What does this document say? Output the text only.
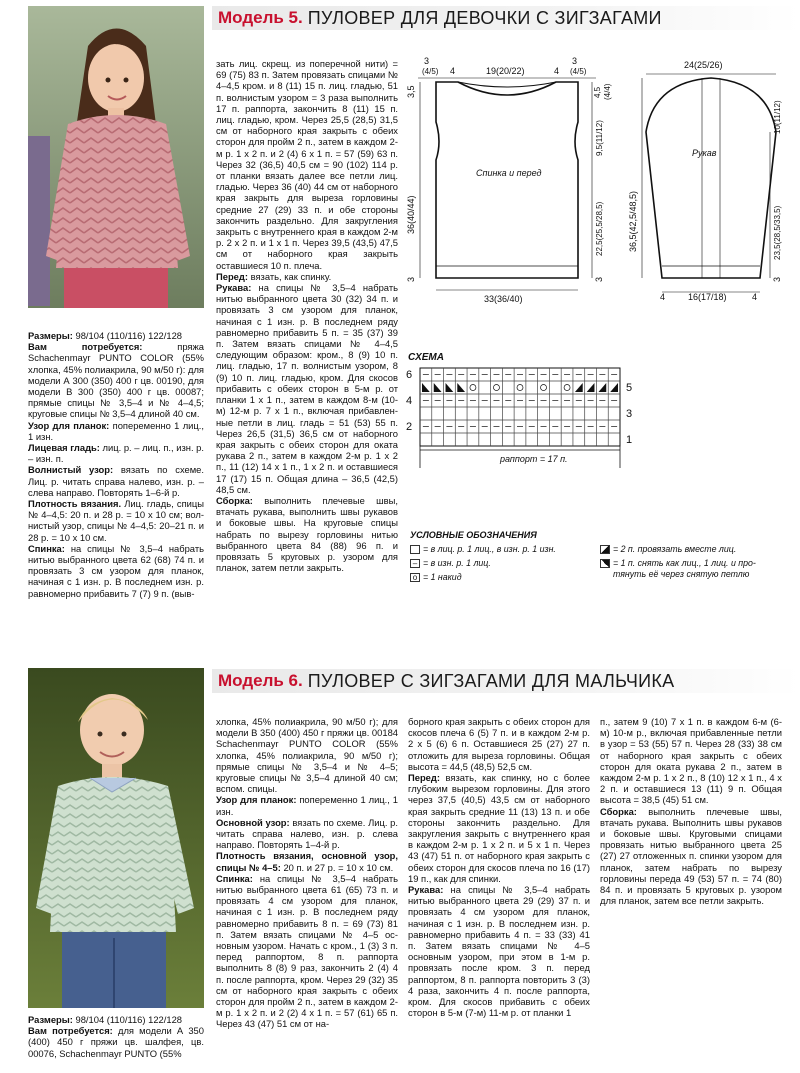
Модель 5. ПУЛОВЕР ДЛЯ ДЕВОЧКИ С ЗИГЗАГАМИ

Размеры: 98/104 (110/116) 122/128

Вам потребуется: пряжа Schachenmayr PUNTO COLOR (55% хлопка, 45% полиакрила, 90 м/50 г): для модели А 300 (350) 400 г цв. 00190, для модели В 300 (350) 400 г цв. 00087; прямые спицы № 3,5–4 и № 4–4,5; круговые спицы № 3,5–4 длиной 40 см.

Узор для планок: попеременно 1 лиц., 1 изн.

Лицевая гладь: лиц. р. – лиц. п., изн. р. – изн. п.

Волнистый узор: вязать по схеме. Лиц. р. читать справа налево, изн. р. – слева направо. Повторять 1–6-й р.

Плотность вязания. Лиц. гладь, спицы № 4–4,5: 20 п. и 28 р. = 10 х 10 см; волнистый узор, спицы № 4–4,5: 20–21 п. и 28 р. = 10 х 10 см.

Спинка: на спицы № 3,5–4 набрать нитью выбранного цвета 62 (68) 74 п. и провязать 3 см узором для планок, начиная с 1 изн. р. В последнем изн. р. равномерно прибавить 7 (7) 9 п. (выв-

зать лиц. скрещ. из поперечной нити) = 69 (75) 83 п. Затем провязать спицами № 4–4,5 кром. и 8 (11) 15 п. лиц. гладью, 51 п. волнистым узором = 3 раза выполнить 17 п. раппорта, закончить 8 (11) 15 п. лиц. гладью, кром. Через 25,5 (28,5) 31,5 см от наборного края закрыть с обеих сторон для пройм 2 п., затем в каждом 2-м р. 1 х 2 п. и 2 (4) 6 х 1 п. = 57 (59) 63 п. Через 32 (36,5) 40,5 см = 90 (102) 114 р. от планки вязать далее все петли лиц. гладью. Через 36 (40) 44 см от наборного края закрыть для выреза горловины средние 27 (29) 33 п. и обе стороны закончить раздельно. Для закругления закрыть с внутреннего края в каждом 2-м р. 2 х 2 п. и 1 х 1 п. Через 39,5 (43,5) 47,5 см от наборного края закрыть оставшиеся 10 п. плеча.

Перед: вязать, как спинку.

Рукава: на спицы № 3,5–4 набрать нитью выбранного цвета 30 (32) 34 п. и провязать 3 см узором для планок, начиная с 1 изн. р. В последнем ряду равномерно прибавить 5 п. = 35 (37) 39 п. Затем вязать спицами № 4–4,5 следующим образом: кром., 8 (9) 10 п. лиц. гладью, 17 п. волнистым узором, 8 (9) 10 п. лиц. гладью, кром. Для скосов прибавить с обеих сторон в 5-м р. от планки 1 х 1 п., затем в каждом 8-м (10-м) 12-м р. 7 х 1 п., включая прибавленные петли в лиц. гладь = 51 (53) 55 п. Через 26,5 (31,5) 36,5 см от наборного края закрыть с обеих сторон для оката рукава 2 п., затем в каждом 2-м р. 1 х 2 п., 11 (12) 14 х 1 п., 1 х 2 п. и оставшиеся 17 (17) 15 п. Общая длина – 36,5 (42,5) 48,5 см.

Сборка: выполнить плечевые швы, втачать рукава, выполнить швы рукавов и боковые швы. На круговые спицы набрать по вырезу горловины нитью выбранного цвета 84 (88) 96 п. и провязать 5 круговых р. узором для планок, затем петли закрыть.

3
(4/5) 4	19(20/22)	4
3
(4/5)
Спинка и перед
33(36/40)
3,5
36(40/44)
3
4,5 (4/4)
9,5(11/12)
22,5(25,5/28,5)
3
24(25/26)
Рукав
36,5(42,5/48,5)
10(11/12)
23,5(28,5/33,5)
3
4	16(17/18)	4
СХЕМА
6
4
2
5
3
1
раппорт = 17 п.
УСЛОВНЫЕ ОБОЗНАЧЕНИЯ
= в лиц. р. 1 лиц., в изн. р. 1 изн.
– = в изн. р. 1 лиц.
o = 1 накид
= 2 п. провязать вместе лиц.
= 1 п. снять как лиц., 1 лиц. и про-
тянуть её через снятую петлю
Модель 6. ПУЛОВЕР С ЗИГЗАГАМИ ДЛЯ МАЛЬЧИКА

Размеры: 98/104 (110/116) 122/128

Вам потребуется: для модели А 350 (400) 450 г пряжи цв. шалфея, цв. 00076, Schachenmayr PUNTO (55%

хлопка, 45% полиакрила, 90 м/50 г); для модели В 350 (400) 450 г пряжи цв. 00184 Schachenmayr PUNTO COLOR (55% хлопка, 45% полиакрила, 90 м/50 г); прямые спицы № 3,5–4 и № 4–5; круговые спицы № 3,5–4 длиной 40 см; вспом. спицы.

Узор для планок: попеременно 1 лиц., 1 изн.

Основной узор: вязать по схеме. Лиц. р. читать справа налево, изн. р. слева направо. Повторять 1–4-й р.

Плотность вязания, основной узор, спицы № 4–5: 20 п. и 27 р. = 10 х 10 см.

Спинка: на спицы № 3,5–4 набрать нитью выбранного цвета 61 (65) 73 п. и провязать 4 см узором для планок, начиная с 1 изн. р. В последнем ряду равномерно прибавить 8 п. = 69 (73) 81 п. Затем вязать спицами № 4–5 основным узором. Начать с кром., 1 (3) 3 п. перед раппортом, 8 п. раппорта выполнить 8 (8) 9 раз, закончить 2 (4) 4 п. после раппорта, кром. Через 29 (32) 35 см от наборного края закрыть с обеих сторон для пройм 2 п., затем в каждом 2-м р. 1 х 2 п. и 2 (2) 4 х 1 п. = 57 (61) 65 п. Через 43 (47) 51 см от на-

борного края закрыть с обеих сторон для скосов плеча 6 (5) 7 п. и в каждом 2-м р. 2 х 5 (6) 6 п. Оставшиеся 25 (27) 27 п. отложить для выреза горловины. Общая высота = 44,5 (48,5) 52,5 см.

Перед: вязать, как спинку, но с более глубоким вырезом горловины. Для этого через 37,5 (40,5) 43,5 см от наборного края закрыть средние 11 (13) 13 п. и обе стороны закончить раздельно. Для закругления закрыть с внутреннего края в каждом 2-м р. 1 х 2 п. и 5 х 1 п. Через 43 (47) 51 п. от наборного края закрыть с обеих сторон для скосов плеча по 16 (17) 19 п., как для спинки.

Рукава: на спицы № 3,5–4 набрать нитью выбранного цвета 29 (29) 37 п. и провязать 4 см узором для планок, начиная с 1 изн. р. В последнем изн. р. равномерно прибавить 4 п. = 33 (33) 41 п. Затем вязать спицами № 4–5 основным узором, при этом в 1-м р. провязать после кром. 3 п. перед раппортом, 8 п. раппорта повторить 3 (3) 4 раза, закончить 4 п. после раппорта, кром. Для скосов прибавить с обеих сторон в 5-м (7-м) 11-м р. от планки 1

п., затем 9 (10) 7 х 1 п. в каждом 6-м (6-м) 10-м р., включая прибавленные петли в узор = 53 (55) 57 п. Через 28 (33) 38 см от наборного края закрыть с обеих сторон для оката рукава 2 п., затем в каждом 2-м р. 1 х 2 п., 8 (10) 12 х 1 п., 4 х 2 п. и оставшиеся 13 (11) 9 п. Общая высота = 38,5 (45) 51 см.

Сборка: выполнить плечевые швы, втачать рукава. Выполнить швы рукавов и боковые швы. Круговыми спицами провязать нитью выбранного цвета 25 (27) 27 отложенных п. спинки узором для планок, затем набрать по вырезу горловины переда 49 (53) 57 п. = 74 (80) 84 п. и провязать 5 круговых р. узором для планок, затем все петли закрыть.
